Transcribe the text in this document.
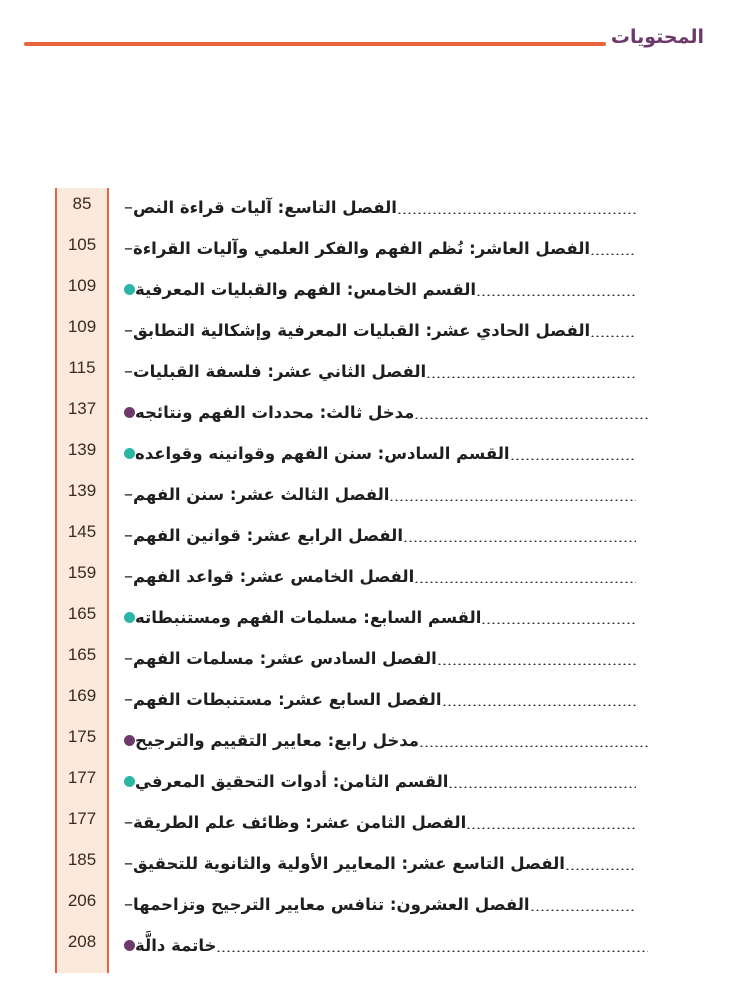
المحتويات
85	– الفصل التاسع: آليات قراءة النص
105	– الفصل العاشر: نُظم الفهم والفكر العلمي وآليات القراءة
109	القسم الخامس: الفهم والقبليات المعرفية
109	– الفصل الحادي عشر: القبليات المعرفية وإشكالية التطابق
115	– الفصل الثاني عشر: فلسفة القبليات
137	مدخل ثالث: محددات الفهم ونتائجه
139	القسم السادس: سنن الفهم وقوانينه وقواعده
139	– الفصل الثالث عشر: سنن الفهم
145	– الفصل الرابع عشر: قوانين الفهم
159	– الفصل الخامس عشر: قواعد الفهم
165	القسم السابع: مسلمات الفهم ومستنبطاته
165	– الفصل السادس عشر: مسلمات الفهم
169	– الفصل السابع عشر: مستنبطات الفهم
175	مدخل رابع: معايير التقييم والترجيح
177	القسم الثامن: أدوات التحقيق المعرفي
177	– الفصل الثامن عشر: وظائف علم الطريقة
185	– الفصل التاسع عشر: المعايير الأولية والثانوية للتحقيق
206	– الفصل العشرون: تنافس معايير الترجيح وتزاحمها
208	خاتمة دالَّة
